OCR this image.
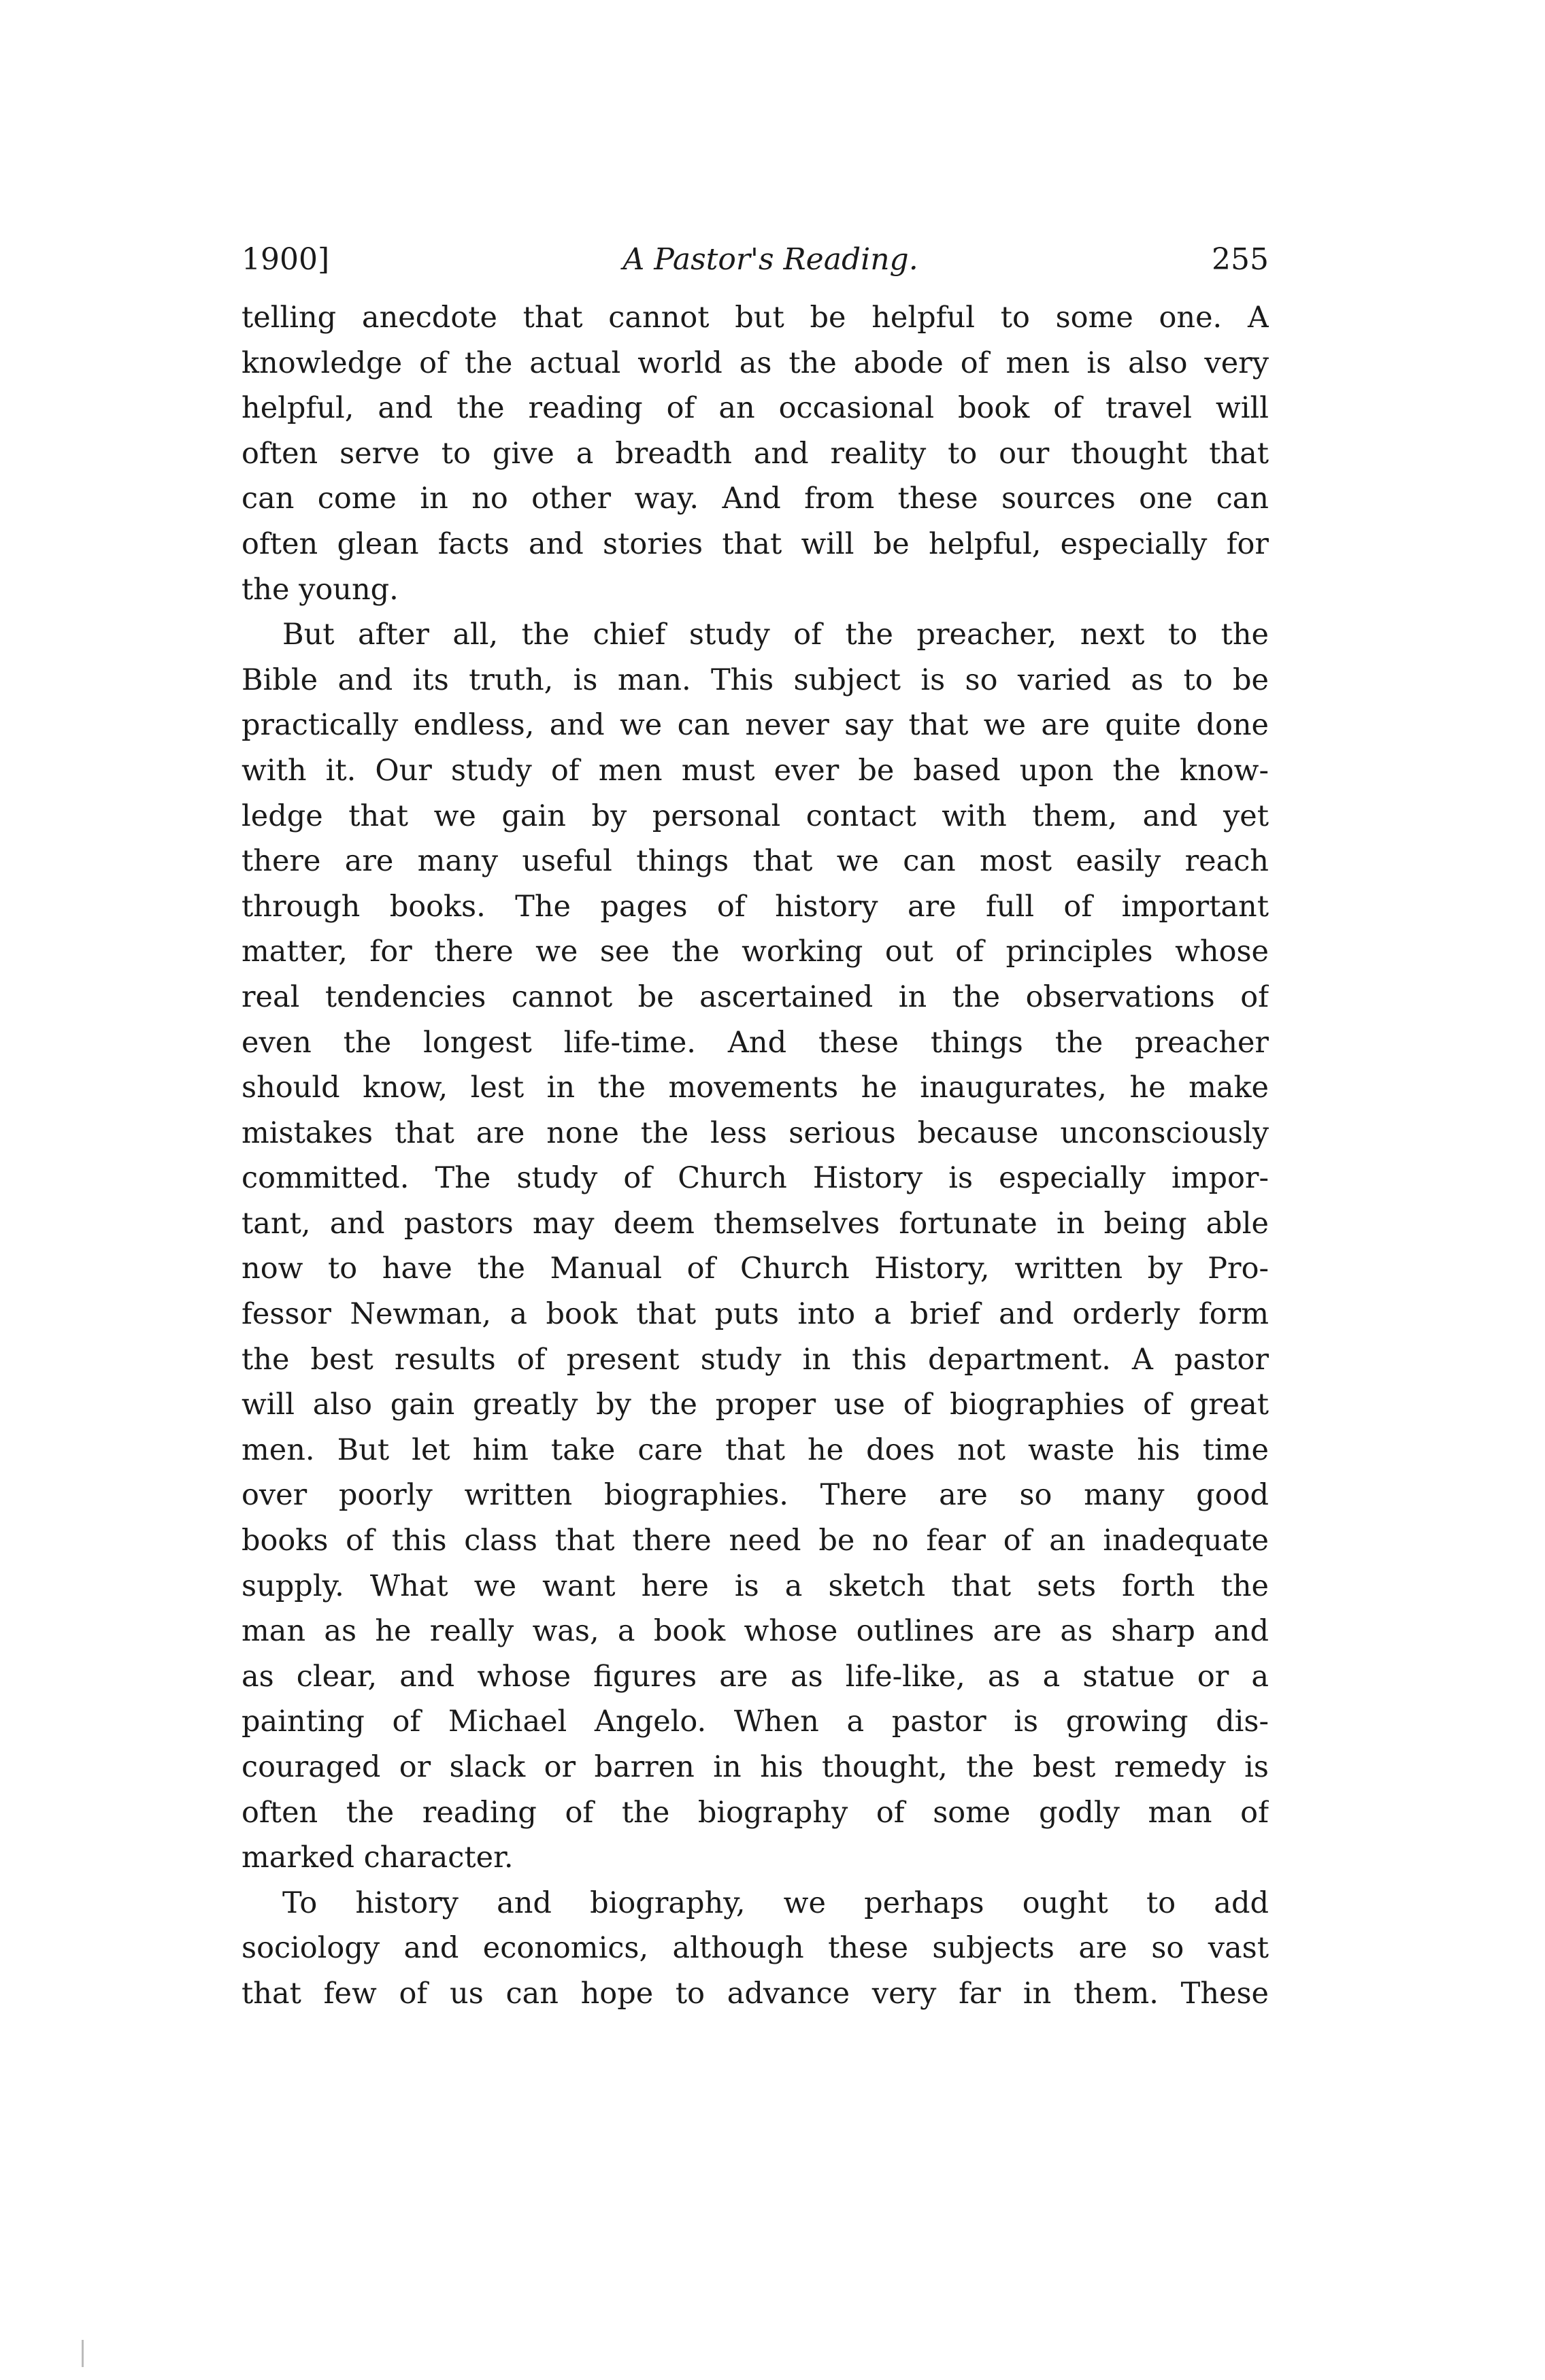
1900]	A Pastor's Reading.	255
telling anecdote that cannot but be helpful to some one. A
knowledge of the actual world as the abode of men is also very
helpful, and the reading of an occasional book of travel will
often serve to give a breadth and reality to our thought that
can come in no other way. And from these sources one can
often glean facts and stories that will be helpful, especially for
the young.
But after all, the chief study of the preacher, next to the
Bible and its truth, is man. This subject is so varied as to be
practically endless, and we can never say that we are quite done
with it. Our study of men must ever be based upon the know-
ledge that we gain by personal contact with them, and yet
there are many useful things that we can most easily reach
through books. The pages of history are full of important
matter, for there we see the working out of principles whose
real tendencies cannot be ascertained in the observations of
even the longest life-time. And these things the preacher
should know, lest in the movements he inaugurates, he make
mistakes that are none the less serious because unconsciously
committed. The study of Church History is especially impor-
tant, and pastors may deem themselves fortunate in being able
now to have the Manual of Church History, written by Pro-
fessor Newman, a book that puts into a brief and orderly form
the best results of present study in this department. A pastor
will also gain greatly by the proper use of biographies of great
men. But let him take care that he does not waste his time
over poorly written biographies. There are so many good
books of this class that there need be no fear of an inadequate
supply. What we want here is a sketch that sets forth the
man as he really was, a book whose outlines are as sharp and
as clear, and whose figures are as life-like, as a statue or a
painting of Michael Angelo. When a pastor is growing dis-
couraged or slack or barren in his thought, the best remedy is
often the reading of the biography of some godly man of
marked character.
To history and biography, we perhaps ought to add
sociology and economics, although these subjects are so vast
that few of us can hope to advance very far in them. These
